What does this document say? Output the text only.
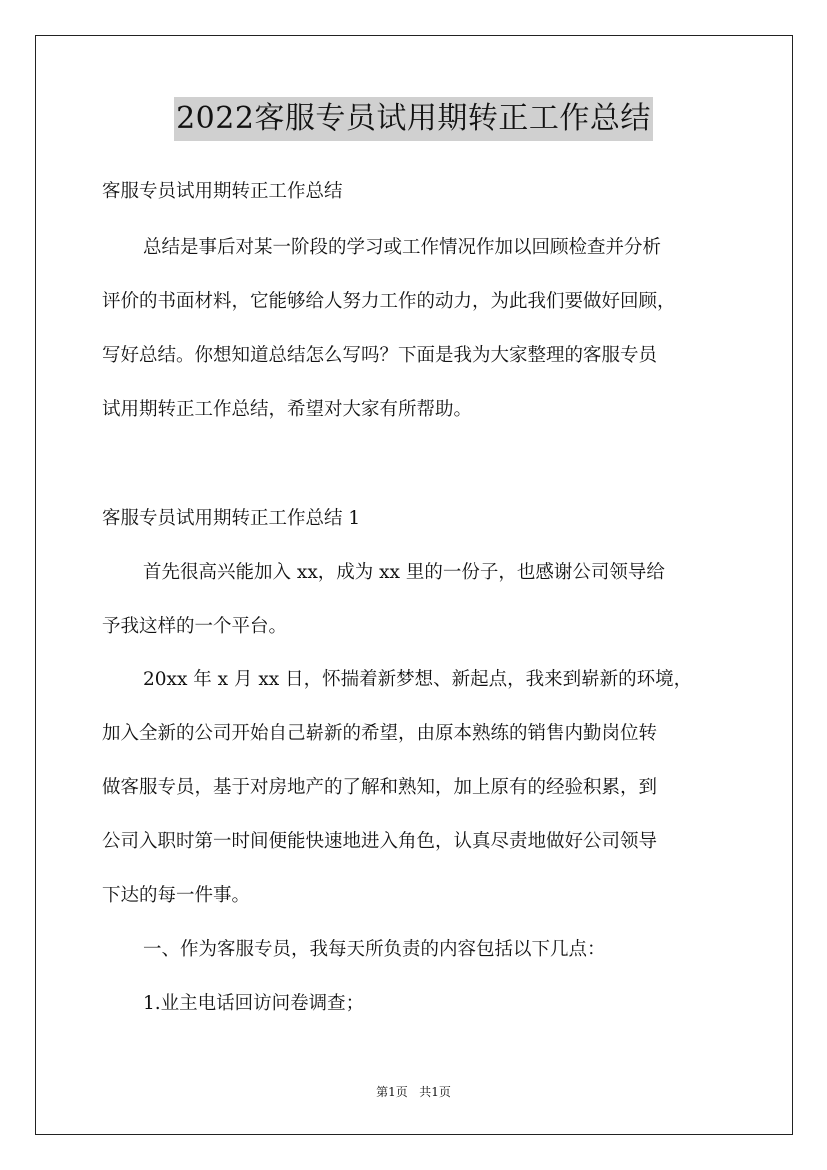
2022客服专员试用期转正工作总结
客服专员试用期转正工作总结
总结是事后对某一阶段的学习或工作情况作加以回顾检查并分析
评价的书面材料，它能够给人努力工作的动力，为此我们要做好回顾，
写好总结。你想知道总结怎么写吗？下面是我为大家整理的客服专员
试用期转正工作总结，希望对大家有所帮助。
客服专员试用期转正工作总结 1
首先很高兴能加入 xx，成为 xx 里的一份子，也感谢公司领导给
予我这样的一个平台。
20xx 年 x 月 xx 日，怀揣着新梦想、新起点，我来到崭新的环境，
加入全新的公司开始自己崭新的希望，由原本熟练的销售内勤岗位转
做客服专员，基于对房地产的了解和熟知，加上原有的经验积累，到
公司入职时第一时间便能快速地进入角色，认真尽责地做好公司领导
下达的每一件事。
一、作为客服专员，我每天所负责的内容包括以下几点：
1.业主电话回访问卷调查；
第1页 共1页
